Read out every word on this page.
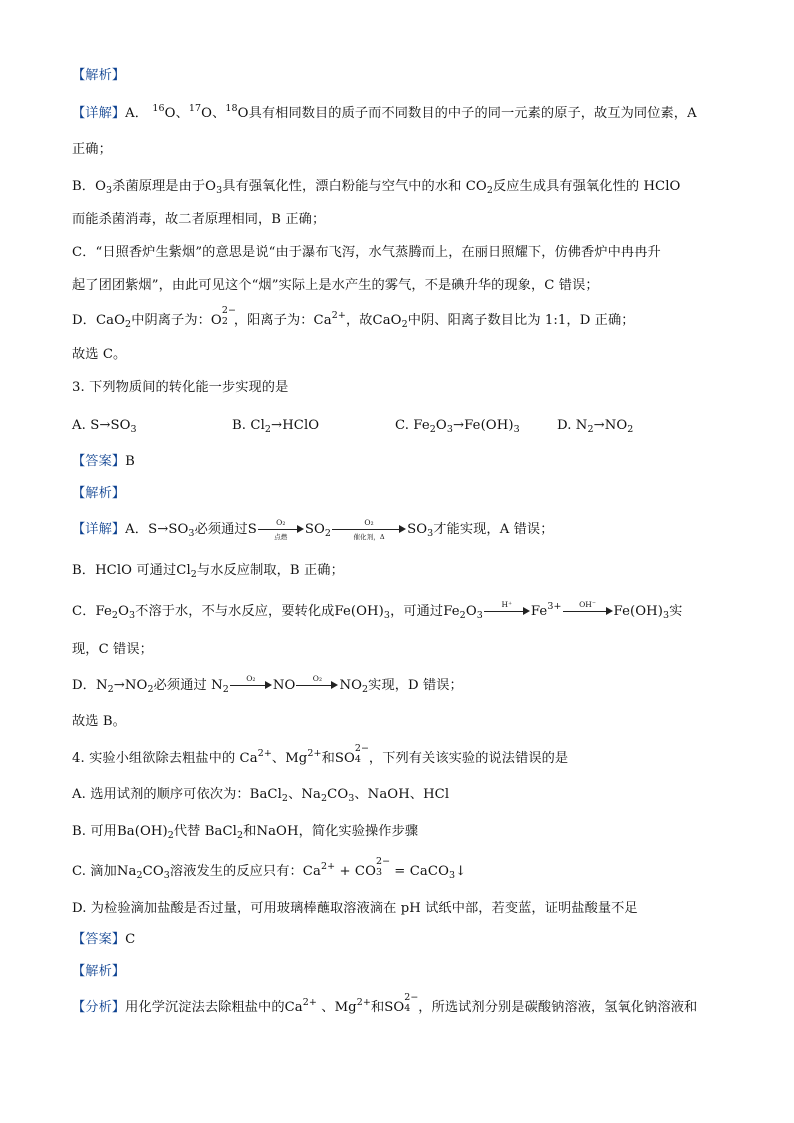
【解析】
【详解】A． $^{16}$O、$^{17}$O、$^{18}$O具有相同数目的质子而不同数目的中子的同一元素的原子，故互为同位素，A
正确；
B．$O_3$杀菌原理是由于$O_3$具有强氧化性，漂白粉能与空气中的水和 $CO_2$反应生成具有强氧化性的 HClO
而能杀菌消毒，故二者原理相同，B 正确；
C．“日照香炉生紫烟”的意思是说“由于瀑布飞泻，水气蒸腾而上，在丽日照耀下，仿佛香炉中冉冉升
起了团团紫烟”，由此可见这个“烟”实际上是水产生的雾气，不是碘升华的现象，C 错误；
D．CaO$_2$中阴离子为：O
2−
2 ，阳离子为：$Ca^{2+}$，故CaO$_2$中阴、阳离子数目比为 1:1，D 正确；
故选 C。
3. 下列物质间的转化能一步实现的是
A. $S\to SO_3$	B. $Cl_2\to HClO$	C. $Fe_2O_3\to Fe(OH)_3$	D. $N_2\to NO_2$
【答案】B
【解析】
【详解】A．$S\to SO_3$必须通过S	O₂
点燃	$SO_2$
O₂
催化剂，Δ	$SO_3$才能实现，A 错误；
B．HClO 可通过$Cl_2$与水反应制取，B 正确；
C．$Fe_2O_3$不溶于水，不与水反应，要转化成$Fe(OH)_3$，可通过$Fe_2O_3$
H⁺	$Fe^{3+}$	OH⁻	$Fe(OH)_3$实
现，C 错误；
D．$N_2\to NO_2$必须通过 $N_2$
O₂	NO	O₂	$NO_2$实现，D 错误；
故选 B。
4. 实验小组欲除去粗盐中的 $Ca^{2+}$、$Mg^{2+}$和SO
2−
4 ，下列有关该实验的说法错误的是
A. 选用试剂的顺序可依次为：BaCl$_2$、$Na_2CO_3$、NaOH、HCl
B. 可用$Ba(OH)_2$代替 BaCl$_2$和NaOH，简化实验操作步骤
C. 滴加$Na_2CO_3$溶液发生的反应只有：$Ca^{2+}$ + CO
2−
3 = CaCO$_3$↓
D. 为检验滴加盐酸是否过量，可用玻璃棒蘸取溶液滴在 pH 试纸中部，若变蓝，证明盐酸量不足
【答案】C
【解析】
【分析】用化学沉淀法去除粗盐中的$Ca^{2+}$ 、$Mg^{2+}$和SO
2−
4 ，所选试剂分别是碳酸钠溶液，氢氧化钠溶液和
